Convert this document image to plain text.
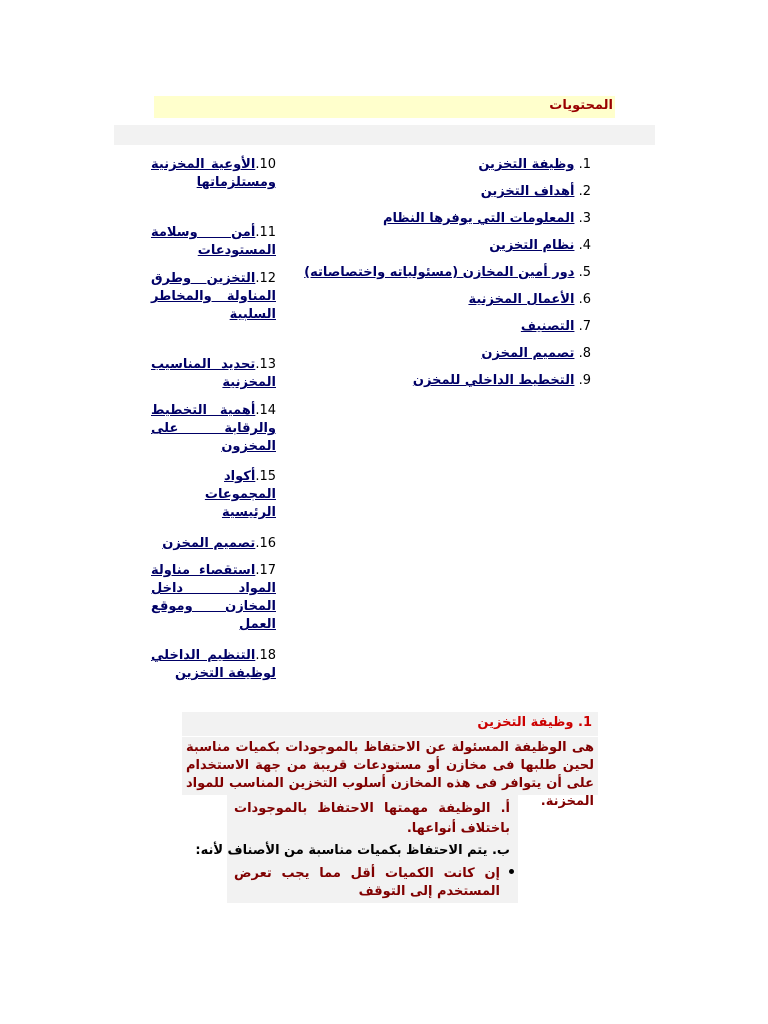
المحتويات
1. وظيفة التخزين
2. أهداف التخزين
3. المعلومات التي يوفرها النظام
4. نظام التخزين
5. دور أمين المخازن (مسئولياته واختصاصاته)
6. الأعمال المخزنية
7. التصنيف
8. تصميم المخزن
9. التخطيط الداخلي للمخزن
10.الأوعية المخزنية ومستلزماتها
11.أمن وسلامة المستودعات
12.التخزين وطرق المناولة والمخاطر السلبية
13.تحديد المناسيب المخزنية
14.أهمية التخطيط والرقابة على المخزون
15.أكواد المجموعات الرئيسية
16.تصميم المخزن
17.استقصاء مناولة المواد داخل المخازن وموقع العمل
18.التنظيم الداخلي لوظيفة التخزين
1. وظيفة التخزين

هى الوظيفة المسئولة عن الاحتفاظ بالموجودات بكميات مناسبة لحين طلبها فى مخازن أو مستودعات قريبة من جهة الاستخدام على أن يتوافر فى هذه المخازن أسلوب التخزين المناسب للمواد المخزنة.

أ. الوظيفة مهمتها الاحتفاظ بالموجودات باختلاف أنواعها.
ب. يتم الاحتفاظ بكميات مناسبة من الأصناف لأنه:
إن كانت الكميات أقل مما يجب تعرض المستخدم إلى التوقف
